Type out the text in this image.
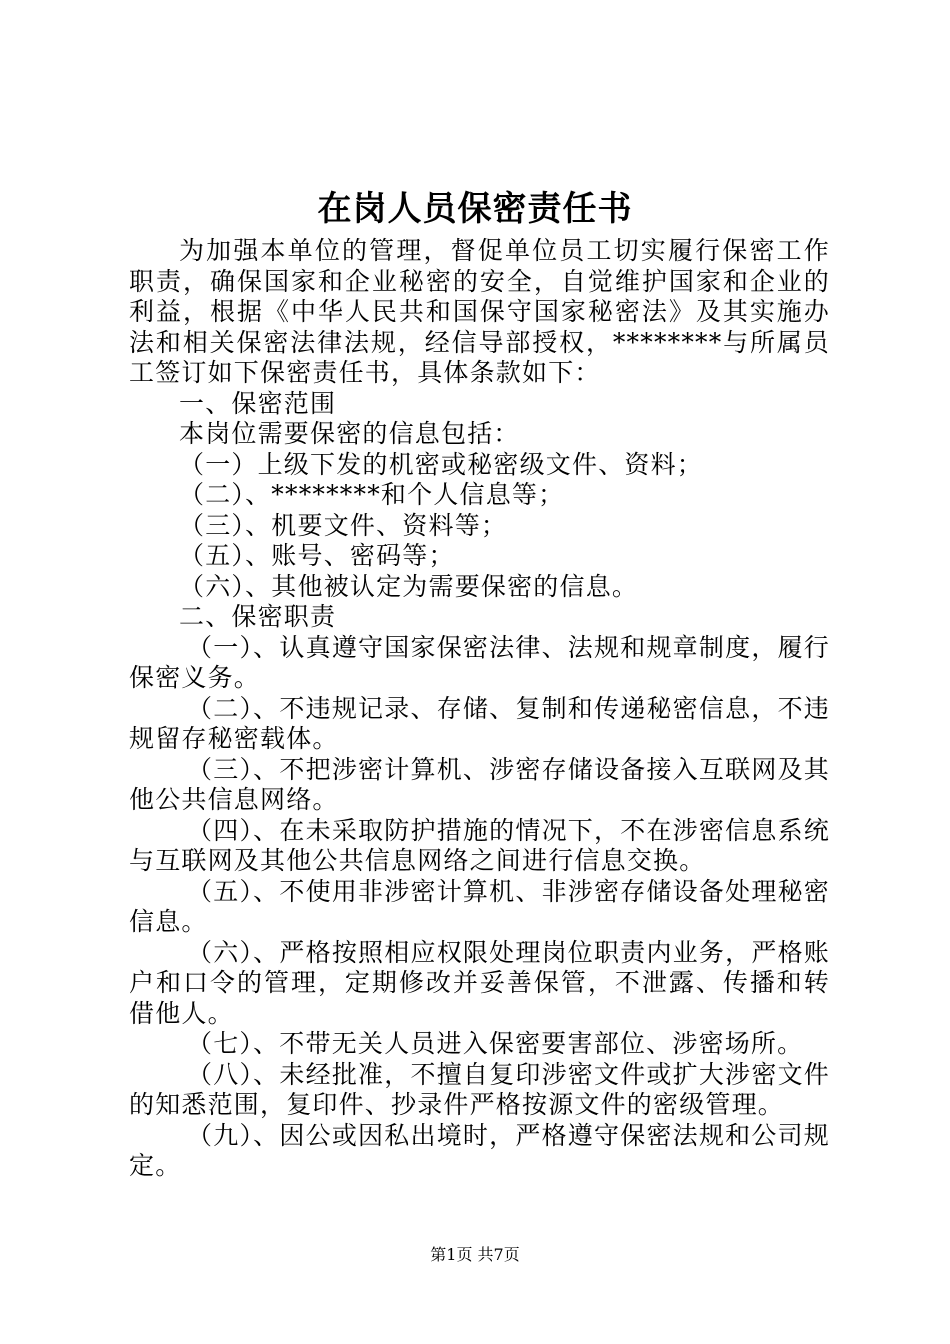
在岗人员保密责任书

为加强本单位的管理，督促单位员工切实履行保密工作职责，确保国家和企业秘密的安全，自觉维护国家和企业的利益，根据《中华人民共和国保守国家秘密法》及其实施办法和相关保密法律法规，经信导部授权，********与所属员工签订如下保密责任书，具体条款如下：

一、保密范围

本岗位需要保密的信息包括：

（一）上级下发的机密或秘密级文件、资料；

（二）、********和个人信息等；

（三）、机要文件、资料等；

（五）、账号、密码等；

（六）、其他被认定为需要保密的信息。

二、保密职责

（一）、认真遵守国家保密法律、法规和规章制度，履行保密义务。

（二）、不违规记录、存储、复制和传递秘密信息，不违规留存秘密载体。

（三）、不把涉密计算机、涉密存储设备接入互联网及其他公共信息网络。

（四）、在未采取防护措施的情况下，不在涉密信息系统与互联网及其他公共信息网络之间进行信息交换。

（五）、不使用非涉密计算机、非涉密存储设备处理秘密信息。

（六）、严格按照相应权限处理岗位职责内业务，严格账户和口令的管理，定期修改并妥善保管，不泄露、传播和转借他人。

（七）、不带无关人员进入保密要害部位、涉密场所。

（八）、未经批准，不擅自复印涉密文件或扩大涉密文件的知悉范围，复印件、抄录件严格按源文件的密级管理。

（九）、因公或因私出境时，严格遵守保密法规和公司规定。

第1页 共7页
